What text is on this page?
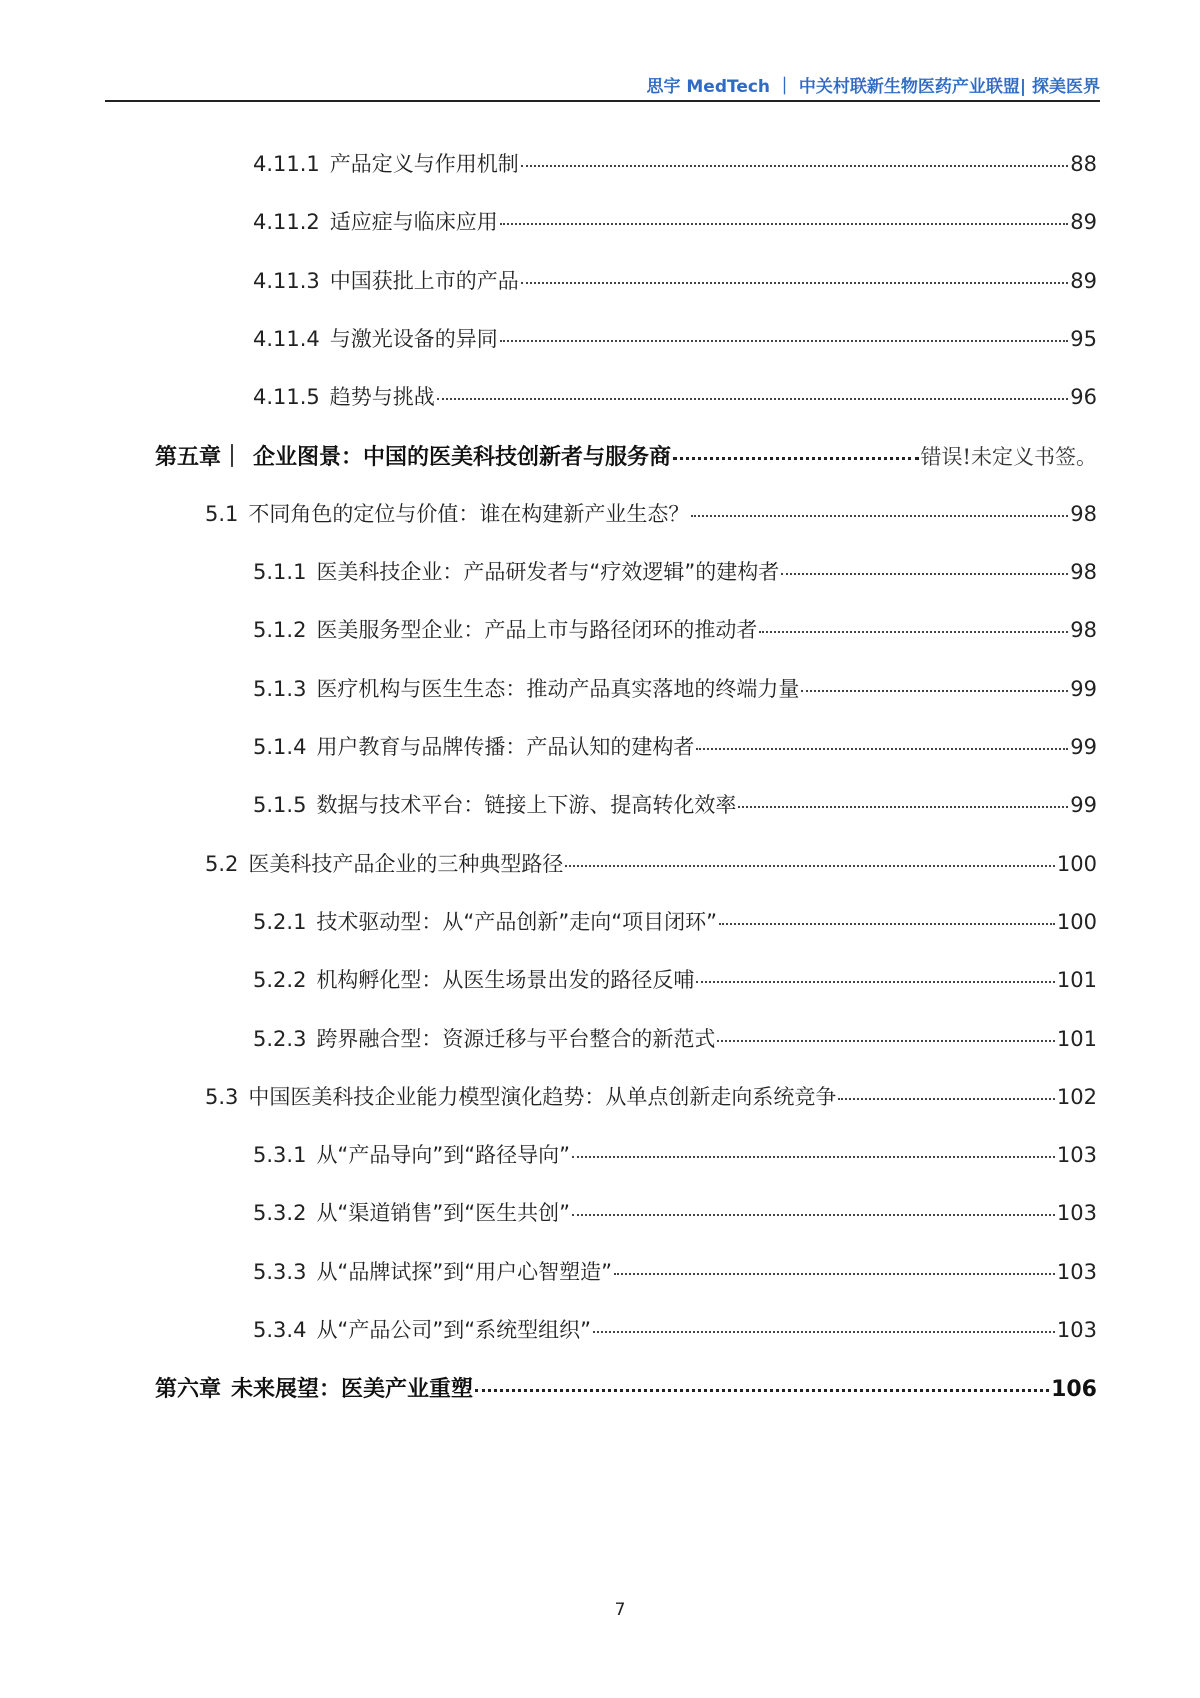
思宇 MedTech ｜ 中关村联新生物医药产业联盟| 探美医界
4.11.1 产品定义与作用机制	88
4.11.2 适应症与临床应用	89
4.11.3 中国获批上市的产品	89
4.11.4 与激光设备的异同	95
4.11.5 趋势与挑战	96
第五章｜ 企业图景：中国的医美科技创新者与服务商	错误!未定义书签。
5.1 不同角色的定位与价值：谁在构建新产业生态？	98
5.1.1 医美科技企业：产品研发者与“疗效逻辑”的建构者	98
5.1.2 医美服务型企业：产品上市与路径闭环的推动者	98
5.1.3 医疗机构与医生生态：推动产品真实落地的终端力量	99
5.1.4 用户教育与品牌传播：产品认知的建构者	99
5.1.5 数据与技术平台：链接上下游、提高转化效率	99
5.2 医美科技产品企业的三种典型路径	100
5.2.1 技术驱动型：从“产品创新”走向“项目闭环”	100
5.2.2 机构孵化型：从医生场景出发的路径反哺	101
5.2.3 跨界融合型：资源迁移与平台整合的新范式	101
5.3 中国医美科技企业能力模型演化趋势：从单点创新走向系统竞争	102
5.3.1 从“产品导向”到“路径导向”	103
5.3.2 从“渠道销售”到“医生共创”	103
5.3.3 从“品牌试探”到“用户心智塑造”	103
5.3.4 从“产品公司”到“系统型组织”	103
第六章 未来展望：医美产业重塑	106
7
